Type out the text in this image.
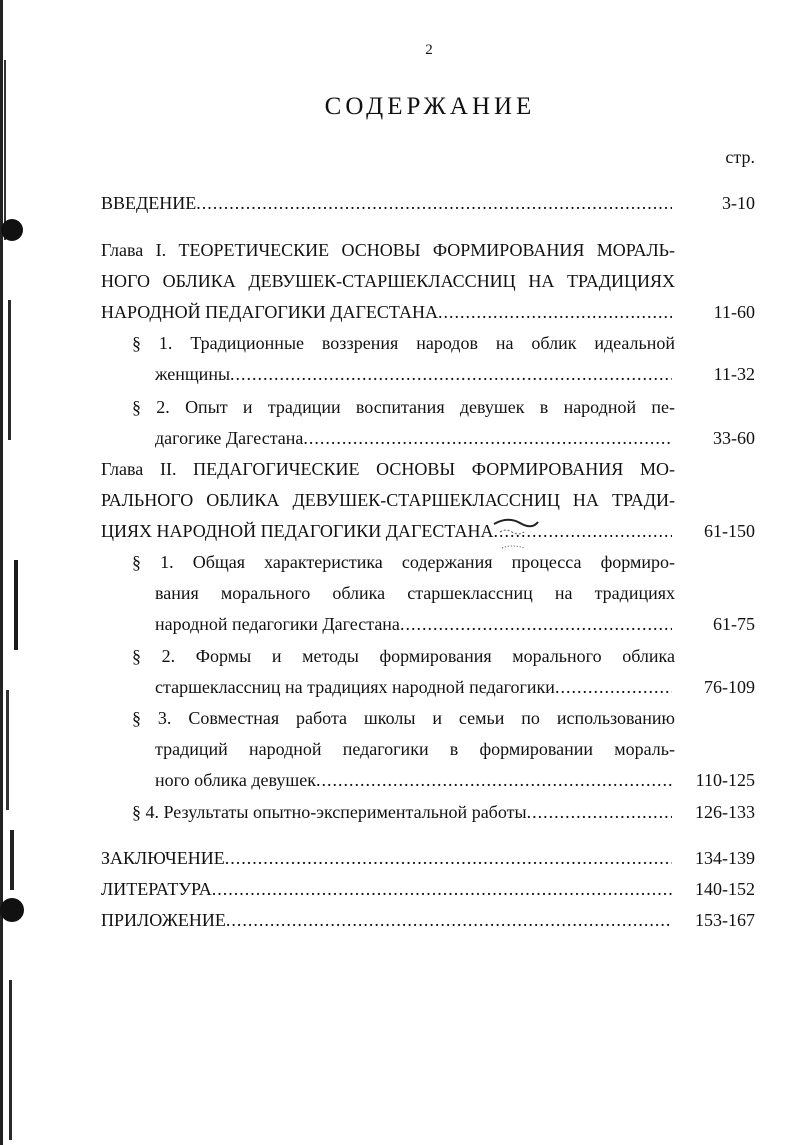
2
СОДЕРЖАНИЕ
стр.
ВВЕДЕНИЕ .....	3-10
Глава I. ТЕОРЕТИЧЕСКИЕ ОСНОВЫ ФОРМИРОВАНИЯ МОРАЛЬ-
НОГО ОБЛИКА ДЕВУШЕК-СТАРШЕКЛАССНИЦ НА ТРАДИЦИЯХ
НАРОДНОЙ ПЕДАГОГИКИ ДАГЕСТАНА .....	11-60
§ 1. Традиционные воззрения народов на облик идеальной
женщины .....	11-32
§ 2. Опыт и традиции воспитания девушек в народной пе-
дагогике Дагестана .....	33-60
Глава II. ПЕДАГОГИЧЕСКИЕ ОСНОВЫ ФОРМИРОВАНИЯ МО-
РАЛЬНОГО ОБЛИКА ДЕВУШЕК-СТАРШЕКЛАССНИЦ НА ТРАДИ-
ЦИЯХ НАРОДНОЙ ПЕДАГОГИКИ ДАГЕСТАНА .....	61-150
§ 1. Общая характеристика содержания процесса формиро-
вания морального облика старшеклассниц на традициях
народной педагогики Дагестана .....	61-75
§ 2. Формы и методы формирования морального облика
старшеклассниц на традициях народной педагогики .....	76-109
§ 3. Совместная работа школы и семьи по использованию
традиций народной педагогики в формировании мораль-
ного облика девушек .....	110-125
§ 4. Результаты опытно-экспериментальной работы .....	126-133
ЗАКЛЮЧЕНИЕ .....	134-139
ЛИТЕРАТУРА .....	140-152
ПРИЛОЖЕНИЕ .....	153-167
